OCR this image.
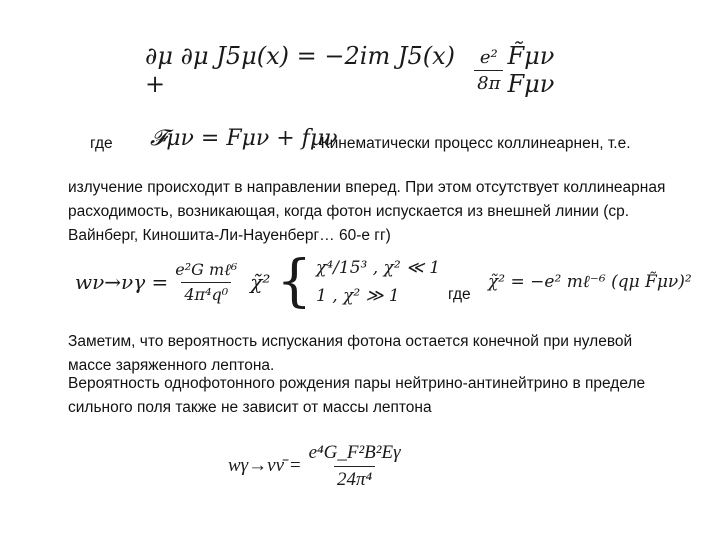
∂μ ∂μ J5μ(x) = −2im J5(x) +	$\frac{\text{e²}}{8\pi}$ F̃μν Fμν
где 𝓕μν = Fμν + fμν
. Кинематически процесс коллинеарнен, т.е.
излучение происходит в направлении вперед. При этом отсутствует коллинеарная расходимость, возникающая, когда фотон испускается из внешней линии (ср. Вайнберг, Киношита-Ли-Науенберг… 60-е гг)
$w\nu\to\nu\gamma = \frac{\text{e²G mℓ⁶}}{\text{4π⁴q⁰}}$ χ̃² { χ⁴/15³ , χ² ≪ 1
1 , χ² ≫ 1	где
χ̃² = −e² mℓ⁻⁶ (qμ F̃μν)²
Заметим, что вероятность испускания фотона остается конечной при нулевой массе заряженного лептона.
Вероятность однофотонного рождения пары нейтрино-антинейтрино в пределе сильного поля также не зависит от массы лептона
wγ→νν̄ = $\frac{\text{e⁴G\_F²B²Eγ}}{\text{24π⁴}}$
